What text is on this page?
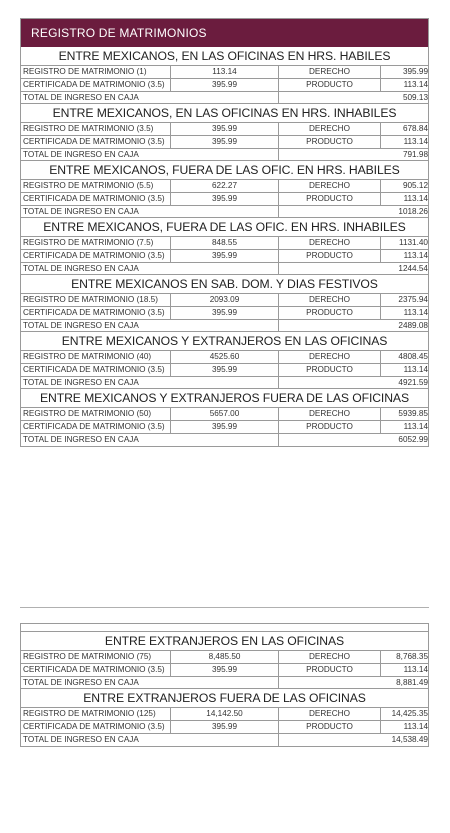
REGISTRO DE MATRIMONIOS
ENTRE MEXICANOS, EN LAS OFICINAS EN HRS. HABILES
REGISTRO DE MATRIMONIO (1)	113.14	DERECHO	395.99
CERTIFICADA DE MATRIMONIO (3.5)	395.99	PRODUCTO	113.14
TOTAL DE INGRESO EN CAJA	509.13
ENTRE MEXICANOS, EN LAS OFICINAS EN HRS. INHABILES
REGISTRO DE MATRIMONIO (3.5)	395.99	DERECHO	678.84
CERTIFICADA DE MATRIMONIO (3.5)	395.99	PRODUCTO	113.14
TOTAL DE INGRESO EN CAJA	791.98
ENTRE MEXICANOS, FUERA DE LAS OFIC. EN HRS. HABILES
REGISTRO DE MATRIMONIO (5.5)	622.27	DERECHO	905.12
CERTIFICADA DE MATRIMONIO (3.5)	395.99	PRODUCTO	113.14
TOTAL DE INGRESO EN CAJA	1018.26
ENTRE MEXICANOS, FUERA DE LAS OFIC. EN HRS. INHABILES
REGISTRO DE MATRIMONIO (7.5)	848.55	DERECHO	1131.40
CERTIFICADA DE MATRIMONIO (3.5)	395.99	PRODUCTO	113.14
TOTAL DE INGRESO EN CAJA	1244.54
ENTRE MEXICANOS EN SAB. DOM. Y DIAS FESTIVOS
REGISTRO DE MATRIMONIO (18.5)	2093.09	DERECHO	2375.94
CERTIFICADA DE MATRIMONIO (3.5)	395.99	PRODUCTO	113.14
TOTAL DE INGRESO EN CAJA	2489.08
ENTRE MEXICANOS Y EXTRANJEROS EN LAS OFICINAS
REGISTRO DE MATRIMONIO (40)	4525.60	DERECHO	4808.45
CERTIFICADA DE MATRIMONIO (3.5)	395.99	PRODUCTO	113.14
TOTAL DE INGRESO EN CAJA	4921.59
ENTRE MEXICANOS Y EXTRANJEROS FUERA DE LAS OFICINAS
REGISTRO DE MATRIMONIO (50)	5657.00	DERECHO	5939.85
CERTIFICADA DE MATRIMONIO (3.5)	395.99	PRODUCTO	113.14
TOTAL DE INGRESO EN CAJA	6052.99
ENTRE EXTRANJEROS EN LAS OFICINAS
REGISTRO DE MATRIMONIO (75)	8,485.50	DERECHO	8,768.35
CERTIFICADA DE MATRIMONIO (3.5)	395.99	PRODUCTO	113.14
TOTAL DE INGRESO EN CAJA	8,881.49
ENTRE EXTRANJEROS FUERA DE LAS OFICINAS
REGISTRO DE MATRIMONIO (125)	14,142.50	DERECHO	14,425.35
CERTIFICADA DE MATRIMONIO (3.5)	395.99	PRODUCTO	113.14
TOTAL DE INGRESO EN CAJA	14,538.49
